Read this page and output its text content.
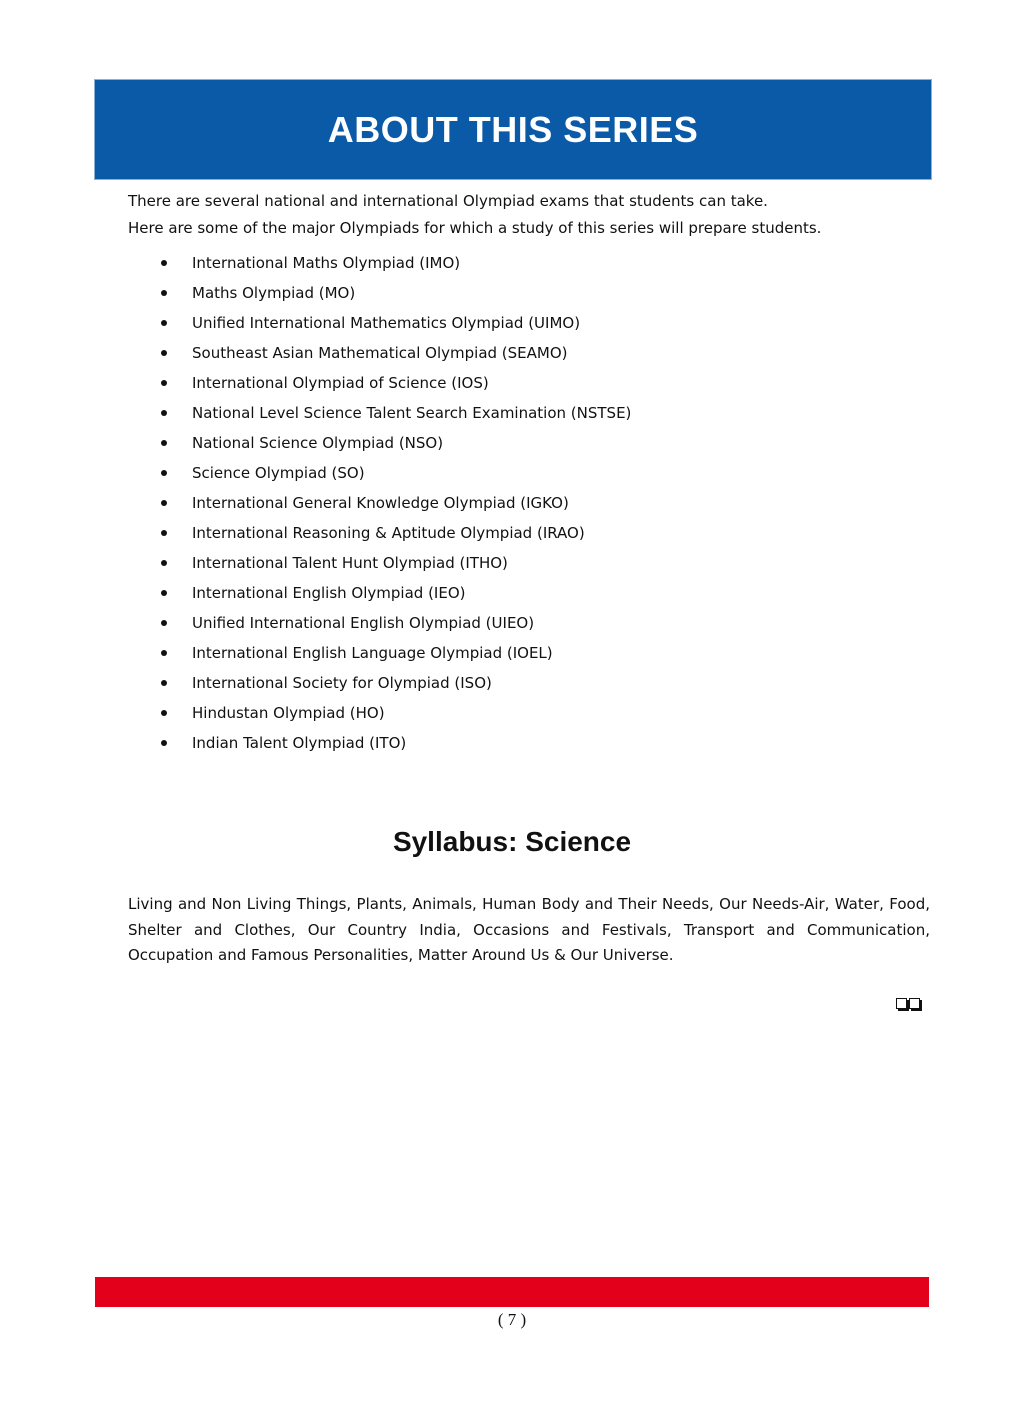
ABOUT THIS SERIES

There are several national and international Olympiad exams that students can take.

Here are some of the major Olympiads for which a study of this series will prepare students.

International Maths Olympiad (IMO)
Maths Olympiad (MO)
Unified International Mathematics Olympiad (UIMO)
Southeast Asian Mathematical Olympiad (SEAMO)
International Olympiad of Science (IOS)
National Level Science Talent Search Examination (NSTSE)
National Science Olympiad (NSO)
Science Olympiad (SO)
International General Knowledge Olympiad (IGKO)
International Reasoning & Aptitude Olympiad (IRAO)
International Talent Hunt Olympiad (ITHO)
International English Olympiad (IEO)
Unified International English Olympiad (UIEO)
International English Language Olympiad (IOEL)
International Society for Olympiad (ISO)
Hindustan Olympiad (HO)
Indian Talent Olympiad (ITO)
Syllabus: Science

Living and Non Living Things, Plants, Animals, Human Body and Their Needs, Our Needs-Air, Water, Food, Shelter and Clothes, Our Country India, Occasions and Festivals, Transport and Communication, Occupation and Famous Personalities, Matter Around Us & Our Universe.

( 7 )
